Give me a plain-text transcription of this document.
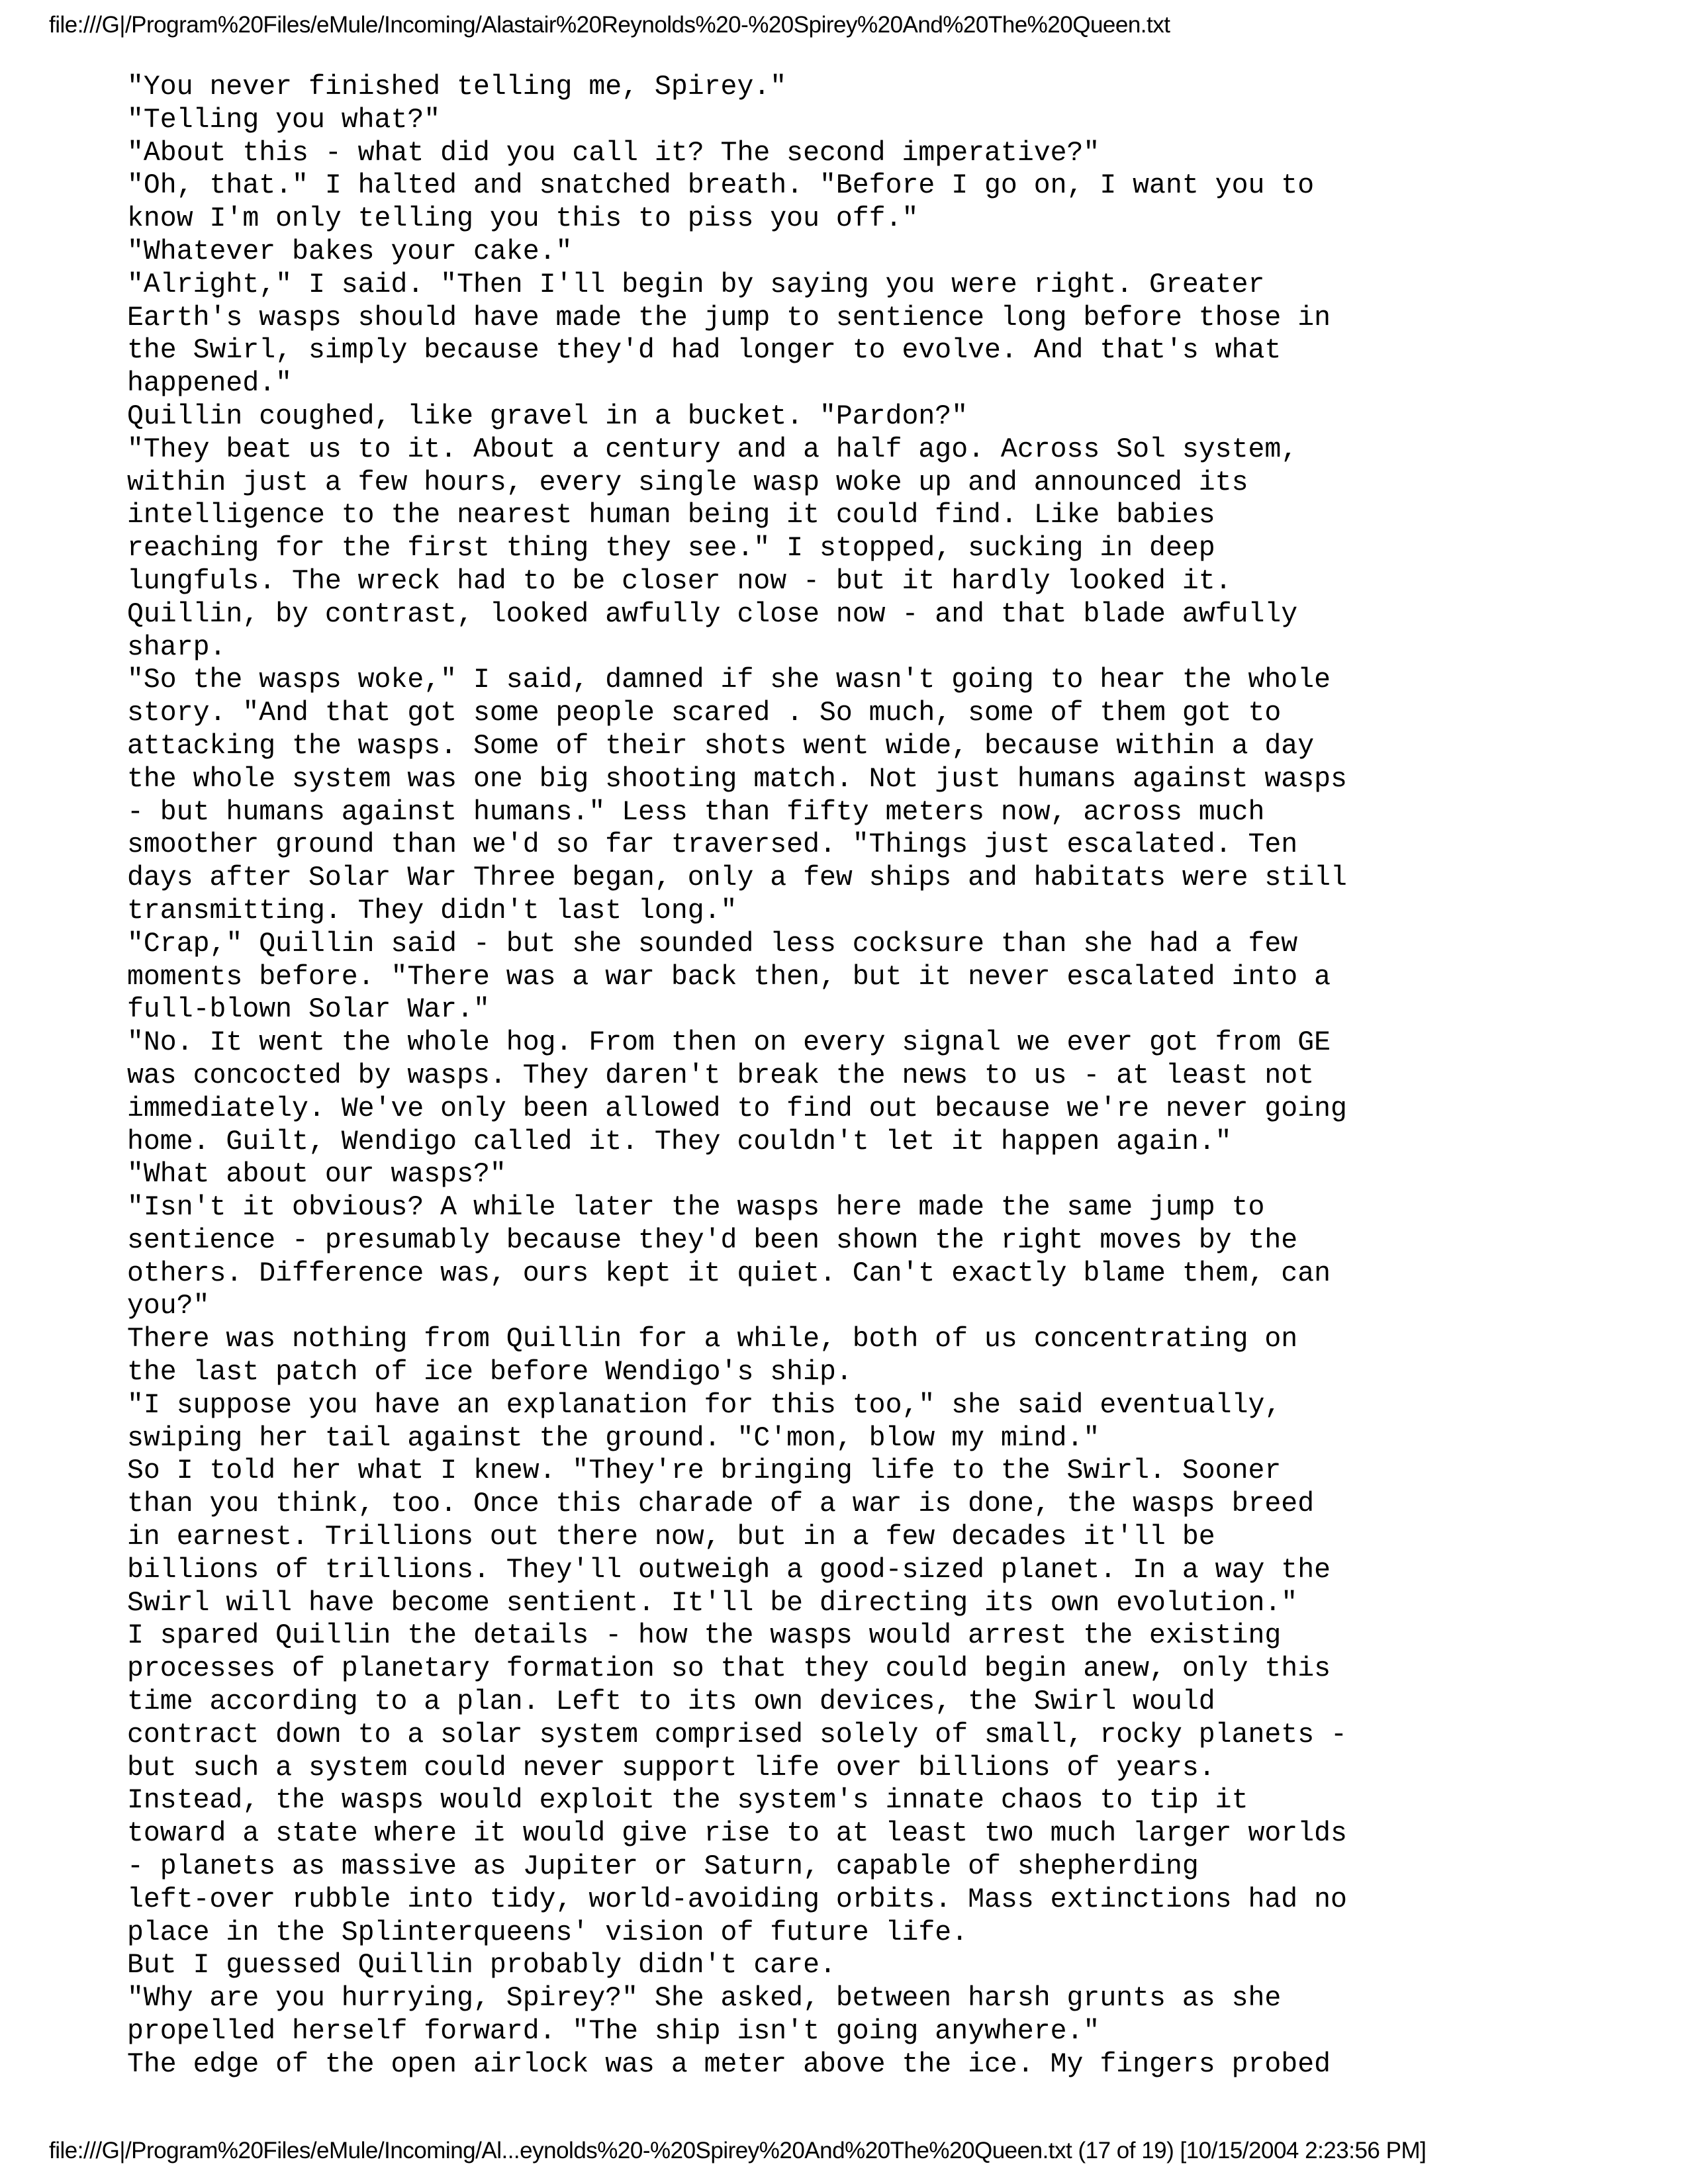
file:///G|/Program%20Files/eMule/Incoming/Alastair%20Reynolds%20-%20Spirey%20And%20The%20Queen.txt
"You never finished telling me, Spirey."
"Telling you what?"
"About this - what did you call it? The second imperative?"
"Oh, that." I halted and snatched breath. "Before I go on, I want you to
know I'm only telling you this to piss you off."
"Whatever bakes your cake."
"Alright," I said. "Then I'll begin by saying you were right. Greater
Earth's wasps should have made the jump to sentience long before those in
the Swirl, simply because they'd had longer to evolve. And that's what
happened."
Quillin coughed, like gravel in a bucket. "Pardon?"
"They beat us to it. About a century and a half ago. Across Sol system,
within just a few hours, every single wasp woke up and announced its
intelligence to the nearest human being it could find. Like babies
reaching for the first thing they see." I stopped, sucking in deep
lungfuls. The wreck had to be closer now - but it hardly looked it.
Quillin, by contrast, looked awfully close now - and that blade awfully
sharp.
"So the wasps woke," I said, damned if she wasn't going to hear the whole
story. "And that got some people scared . So much, some of them got to
attacking the wasps. Some of their shots went wide, because within a day
the whole system was one big shooting match. Not just humans against wasps
- but humans against humans." Less than fifty meters now, across much
smoother ground than we'd so far traversed. "Things just escalated. Ten
days after Solar War Three began, only a few ships and habitats were still
transmitting. They didn't last long."
"Crap," Quillin said - but she sounded less cocksure than she had a few
moments before. "There was a war back then, but it never escalated into a
full-blown Solar War."
"No. It went the whole hog. From then on every signal we ever got from GE
was concocted by wasps. They daren't break the news to us - at least not
immediately. We've only been allowed to find out because we're never going
home. Guilt, Wendigo called it. They couldn't let it happen again."
"What about our wasps?"
"Isn't it obvious? A while later the wasps here made the same jump to
sentience - presumably because they'd been shown the right moves by the
others. Difference was, ours kept it quiet. Can't exactly blame them, can
you?"
There was nothing from Quillin for a while, both of us concentrating on
the last patch of ice before Wendigo's ship.
"I suppose you have an explanation for this too," she said eventually,
swiping her tail against the ground. "C'mon, blow my mind."
So I told her what I knew. "They're bringing life to the Swirl. Sooner
than you think, too. Once this charade of a war is done, the wasps breed
in earnest. Trillions out there now, but in a few decades it'll be
billions of trillions. They'll outweigh a good-sized planet. In a way the
Swirl will have become sentient. It'll be directing its own evolution."
I spared Quillin the details - how the wasps would arrest the existing
processes of planetary formation so that they could begin anew, only this
time according to a plan. Left to its own devices, the Swirl would
contract down to a solar system comprised solely of small, rocky planets -
but such a system could never support life over billions of years.
Instead, the wasps would exploit the system's innate chaos to tip it
toward a state where it would give rise to at least two much larger worlds
- planets as massive as Jupiter or Saturn, capable of shepherding
left-over rubble into tidy, world-avoiding orbits. Mass extinctions had no
place in the Splinterqueens' vision of future life.
But I guessed Quillin probably didn't care.
"Why are you hurrying, Spirey?" She asked, between harsh grunts as she
propelled herself forward. "The ship isn't going anywhere."
The edge of the open airlock was a meter above the ice. My fingers probed
file:///G|/Program%20Files/eMule/Incoming/Al...eynolds%20-%20Spirey%20And%20The%20Queen.txt (17 of 19) [10/15/2004 2:23:56 PM]
